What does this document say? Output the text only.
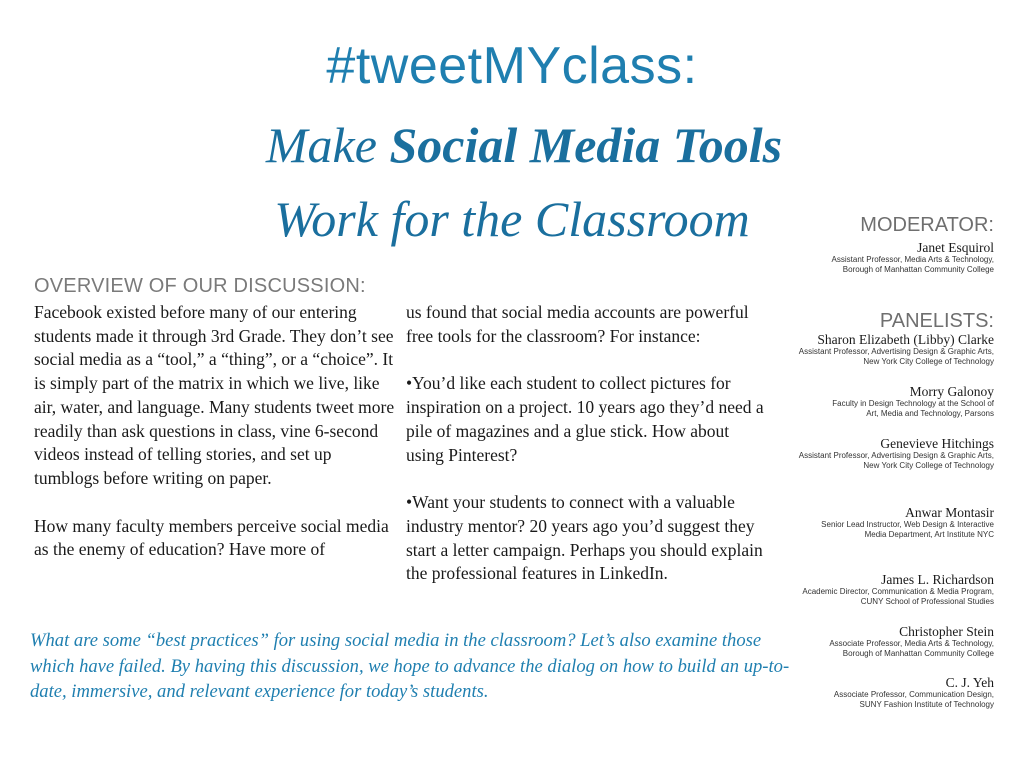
#tweetMYclass:
Make Social Media Tools
Work for the Classroom
OVERVIEW OF OUR DISCUSSION:

Facebook existed before many of our entering students made it through 3rd Grade. They don’t see social media as a “tool,” a “thing”, or a “choice”. It is simply part of the matrix in which we live, like air, water, and language. Many students tweet more readily than ask questions in class, vine 6-second videos instead of telling stories, and set up tumblogs before writing on paper.

How many faculty members perceive social media as the enemy of education? Have more of

us found that social media accounts are powerful free tools for the classroom? For instance:

•You’d like each student to collect pictures for inspiration on a project. 10 years ago they’d need a pile of magazines and a glue stick. How about using Pinterest?

•Want your students to connect with a valuable industry mentor? 20 years ago you’d suggest they start a letter campaign. Perhaps you should explain the professional features in LinkedIn.

What are some “best practices” for using social media in the classroom? Let’s also examine those which have failed. By having this discussion, we hope to advance the dialog on how to build an up-to-date, immersive, and relevant experience for today’s students.

MODERATOR:
Janet Esquirol
Assistant Professor, Media Arts & Technology,
Borough of Manhattan Community College
PANELISTS:
Sharon Elizabeth (Libby) Clarke
Assistant Professor, Advertising Design & Graphic Arts,
New York City College of Technology
Morry Galonoy
Faculty in Design Technology at the School of
Art, Media and Technology, Parsons
Genevieve Hitchings
Assistant Professor, Advertising Design & Graphic Arts,
New York City College of Technology
Anwar Montasir
Senior Lead Instructor, Web Design & Interactive
Media Department, Art Institute NYC
James L. Richardson
Academic Director, Communication & Media Program,
CUNY School of Professional Studies
Christopher Stein
Associate Professor, Media Arts & Technology,
Borough of Manhattan Community College
C. J. Yeh
Associate Professor, Communication Design,
SUNY Fashion Institute of Technology
